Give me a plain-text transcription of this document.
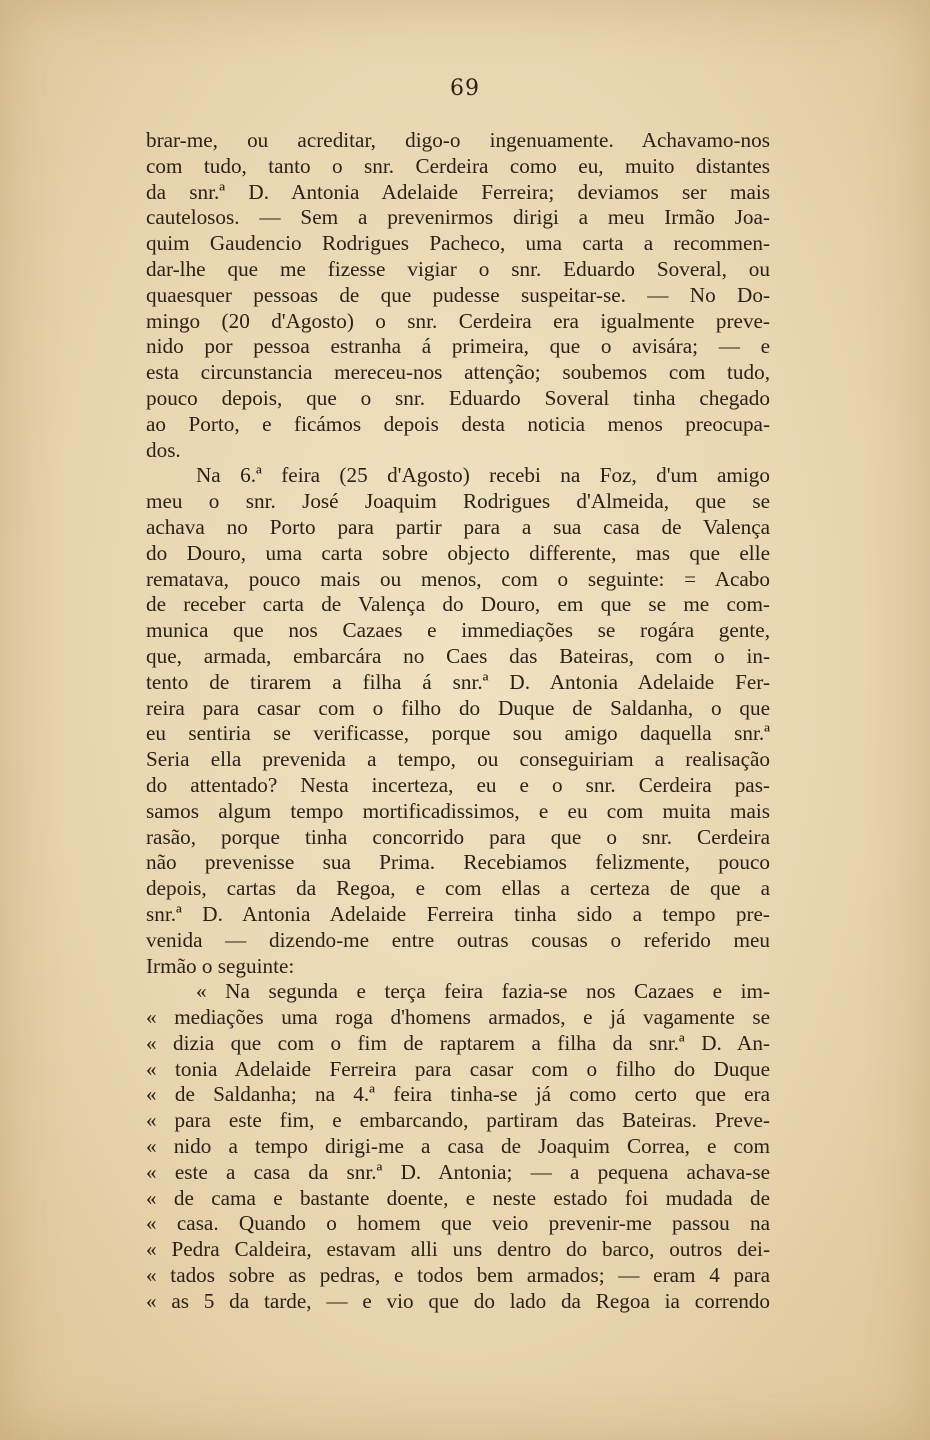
69
brar-me, ou acreditar, digo-o ingenuamente. Achavamo-nos
com tudo, tanto o snr. Cerdeira como eu, muito distantes
da snr.ª D. Antonia Adelaide Ferreira; deviamos ser mais
cautelosos. — Sem a prevenirmos dirigi a meu Irmão Joa-
quim Gaudencio Rodrigues Pacheco, uma carta a recommen-
dar-lhe que me fizesse vigiar o snr. Eduardo Soveral, ou
quaesquer pessoas de que pudesse suspeitar-se. — No Do-
mingo (20 d'Agosto) o snr. Cerdeira era igualmente preve-
nido por pessoa estranha á primeira, que o avisára; — e
esta circunstancia mereceu-nos attenção; soubemos com tudo,
pouco depois, que o snr. Eduardo Soveral tinha chegado
ao Porto, e ficámos depois desta noticia menos preocupa-
dos.
Na 6.ª feira (25 d'Agosto) recebi na Foz, d'um amigo
meu o snr. José Joaquim Rodrigues d'Almeida, que se
achava no Porto para partir para a sua casa de Valença
do Douro, uma carta sobre objecto differente, mas que elle
rematava, pouco mais ou menos, com o seguinte: = Acabo
de receber carta de Valença do Douro, em que se me com-
munica que nos Cazaes e immediações se rogára gente,
que, armada, embarcára no Caes das Bateiras, com o in-
tento de tirarem a filha á snr.ª D. Antonia Adelaide Fer-
reira para casar com o filho do Duque de Saldanha, o que
eu sentiria se verificasse, porque sou amigo daquella snr.ª
Seria ella prevenida a tempo, ou conseguiriam a realisação
do attentado? Nesta incerteza, eu e o snr. Cerdeira pas-
samos algum tempo mortificadissimos, e eu com muita mais
rasão, porque tinha concorrido para que o snr. Cerdeira
não prevenisse sua Prima. Recebiamos felizmente, pouco
depois, cartas da Regoa, e com ellas a certeza de que a
snr.ª D. Antonia Adelaide Ferreira tinha sido a tempo pre-
venida — dizendo-me entre outras cousas o referido meu
Irmão o seguinte:
« Na segunda e terça feira fazia-se nos Cazaes e im-
« mediações uma roga d'homens armados, e já vagamente se
« dizia que com o fim de raptarem a filha da snr.ª D. An-
« tonia Adelaide Ferreira para casar com o filho do Duque
« de Saldanha; na 4.ª feira tinha-se já como certo que era
« para este fim, e embarcando, partiram das Bateiras. Preve-
« nido a tempo dirigi-me a casa de Joaquim Correa, e com
« este a casa da snr.ª D. Antonia; — a pequena achava-se
« de cama e bastante doente, e neste estado foi mudada de
« casa. Quando o homem que veio prevenir-me passou na
« Pedra Caldeira, estavam alli uns dentro do barco, outros dei-
« tados sobre as pedras, e todos bem armados; — eram 4 para
« as 5 da tarde, — e vio que do lado da Regoa ia correndo
